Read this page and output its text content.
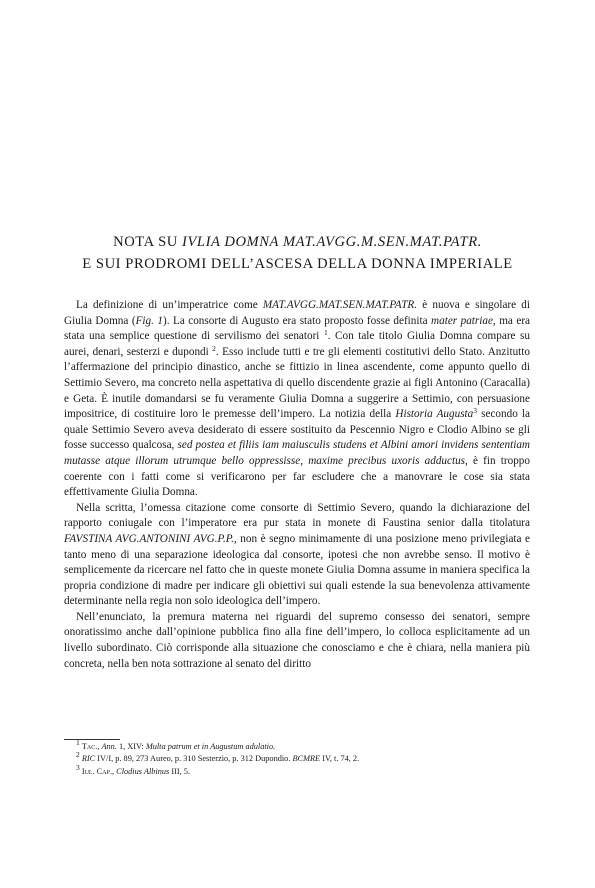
NOTA SU IVLIA DOMNA MAT.AVGG.M.SEN.MAT.PATR.
E SUI PRODROMI DELL’ASCESA DELLA DONNA IMPERIALE

La definizione di un’imperatrice come MAT.AVGG.MAT.SEN.MAT.PATR. è nuova e singolare di Giulia Domna (Fig. 1). La consorte di Augusto era stato proposto fosse definita mater patriae, ma era stata una semplice questione di servilismo dei senatori $^1$. Con tale titolo Giulia Domna compare su aurei, denari, sesterzi e dupondi $^2$. Esso include tutti e tre gli elementi costitutivi dello Stato. Anzitutto l’affermazione del principio dinastico, anche se fittizio in linea ascendente, come appunto quello di Settimio Severo, ma concreto nella aspettativa di quello discendente grazie ai figli Antonino (Caracalla) e Geta. È inutile domandarsi se fu veramente Giulia Domna a suggerire a Settimio, con persuasione impositrice, di costituire loro le premesse dell’impero. La notizia della Historia Augusta$^3$ secondo la quale Settimio Severo aveva desiderato di essere sostituito da Pescennio Nigro e Clodio Albino se gli fosse successo qualcosa, sed postea et filiis iam maiusculis studens et Albini amori invidens sententiam mutasse atque illorum utrumque bello oppressisse, maxime precibus uxoris adductus, è fin troppo coerente con i fatti come si verificarono per far escludere che a manovrare le cose sia stata effettivamente Giulia Domna.

Nella scritta, l’omessa citazione come consorte di Settimio Severo, quando la dichiarazione del rapporto coniugale con l’imperatore era pur stata in monete di Faustina senior dalla titolatura FAVSTINA AVG.ANTONINI AVG.P.P., non è segno minimamente di una posizione meno privilegiata e tanto meno di una separazione ideologica dal consorte, ipotesi che non avrebbe senso. Il motivo è semplicemente da ricercare nel fatto che in queste monete Giulia Domna assume in maniera specifica la propria condizione di madre per indicare gli obiettivi sui quali estende la sua benevolenza attivamente determinante nella regia non solo ideologica dell’impero.

Nell’enunciato, la premura materna nei riguardi del supremo consesso dei senatori, sempre onoratissimo anche dall’opinione pubblica fino alla fine dell’impero, lo colloca esplicitamente ad un livello subordinato. Ciò corrisponde alla situazione che conosciamo e che è chiara, nella maniera più concreta, nella ben nota sottrazione al senato del diritto

$^1$ Tac., Ann. 1, XIV: Multa patrum et in Augustum adulatio.

$^2$ RIC IV/I, p. 89, 273 Aureo, p. 310 Sesterzio, p. 312 Dupondio. BCMRE IV, t. 74, 2.

$^3$ Iul. Cap., Clodius Albinus III, 5.
